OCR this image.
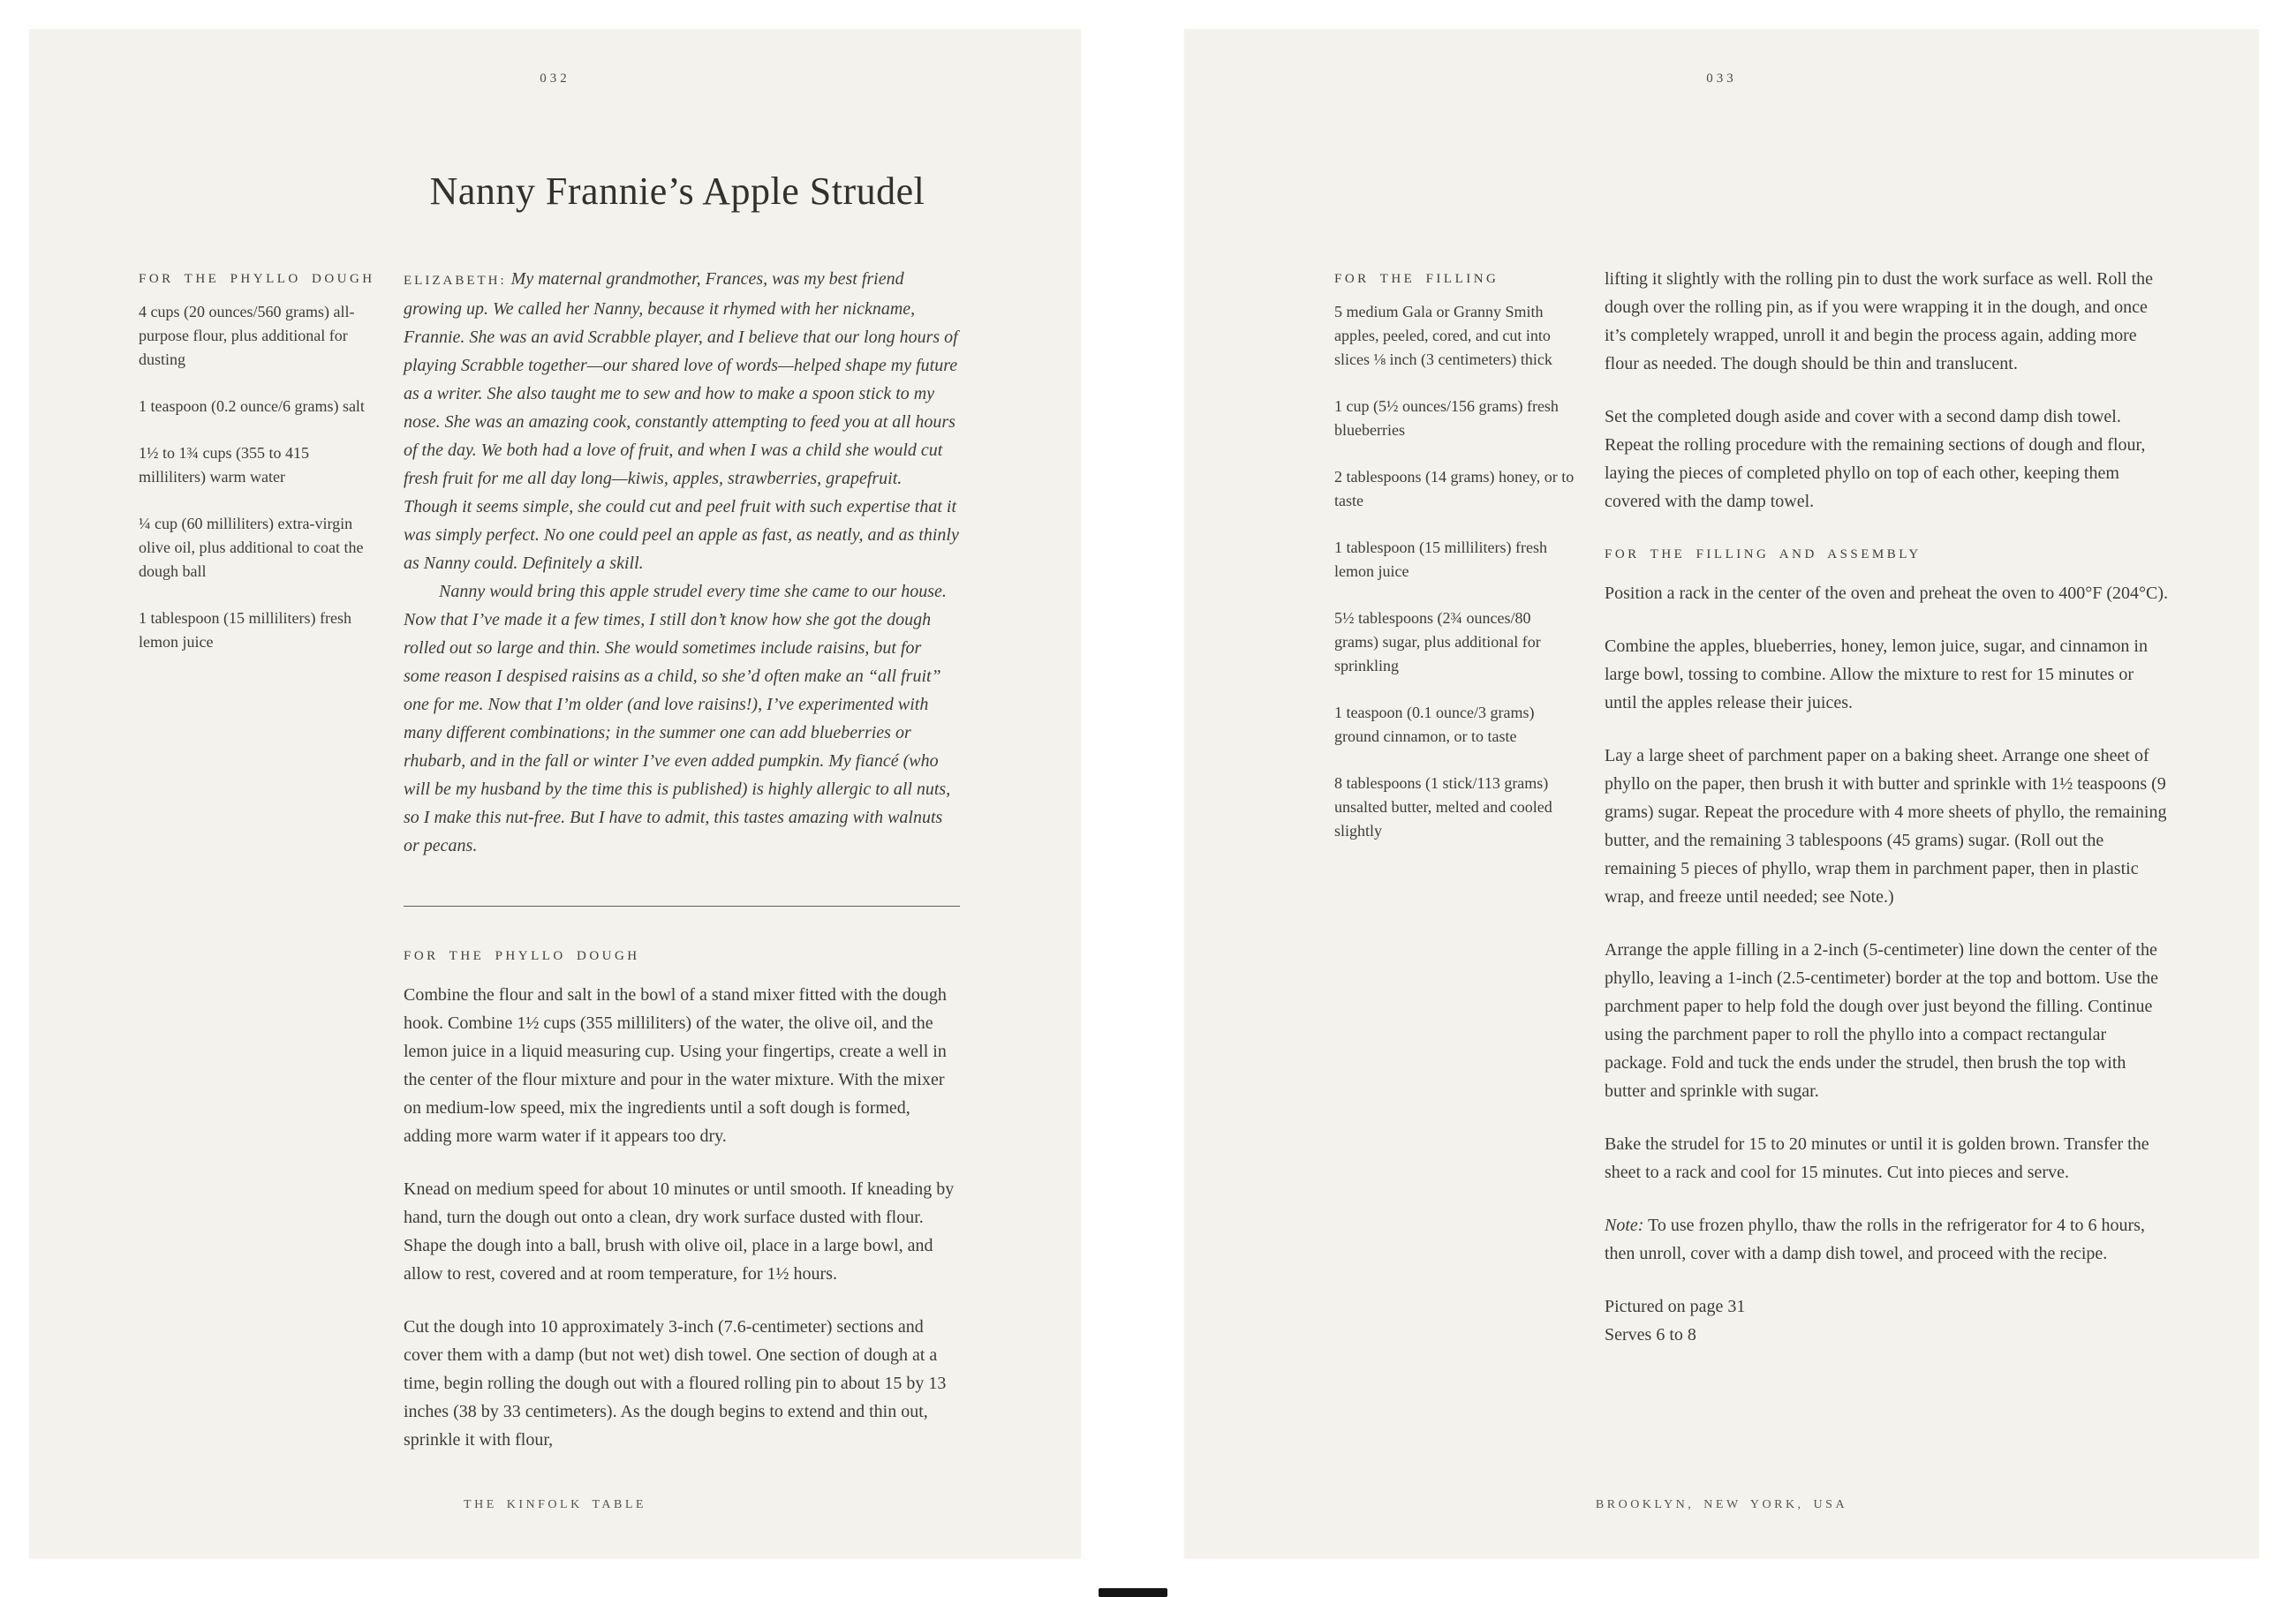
032
Nanny Frannie’s Apple Strudel
FOR THE PHYLLO DOUGH

4 cups (20 ounces/560 grams) all-purpose flour, plus additional for dusting

1 teaspoon (0.2 ounce/6 grams) salt

1½ to 1¾ cups (355 to 415 milliliters) warm water

¼ cup (60 milliliters) extra-virgin olive oil, plus additional to coat the dough ball

1 tablespoon (15 milliliters) fresh lemon juice

ELIZABETH: My maternal grandmother, Frances, was my best friend growing up. We called her Nanny, because it rhymed with her nickname, Frannie. She was an avid Scrabble player, and I believe that our long hours of playing Scrabble together—our shared love of words—helped shape my future as a writer. She also taught me to sew and how to make a spoon stick to my nose. She was an amazing cook, constantly attempting to feed you at all hours of the day. We both had a love of fruit, and when I was a child she would cut fresh fruit for me all day long—kiwis, apples, strawberries, grapefruit. Though it seems simple, she could cut and peel fruit with such expertise that it was simply perfect. No one could peel an apple as fast, as neatly, and as thinly as Nanny could. Definitely a skill.

Nanny would bring this apple strudel every time she came to our house. Now that I’ve made it a few times, I still don’t know how she got the dough rolled out so large and thin. She would sometimes include raisins, but for some reason I despised raisins as a child, so she’d often make an “all fruit” one for me. Now that I’m older (and love raisins!), I’ve experimented with many different combinations; in the summer one can add blueberries or rhubarb, and in the fall or winter I’ve even added pumpkin. My fiancé (who will be my husband by the time this is published) is highly allergic to all nuts, so I make this nut-free. But I have to admit, this tastes amazing with walnuts or pecans.

FOR THE PHYLLO DOUGH

Combine the flour and salt in the bowl of a stand mixer fitted with the dough hook. Combine 1½ cups (355 milliliters) of the water, the olive oil, and the lemon juice in a liquid measuring cup. Using your fingertips, create a well in the center of the flour mixture and pour in the water mixture. With the mixer on medium-low speed, mix the ingredients until a soft dough is formed, adding more warm water if it appears too dry.

Knead on medium speed for about 10 minutes or until smooth. If kneading by hand, turn the dough out onto a clean, dry work surface dusted with flour. Shape the dough into a ball, brush with olive oil, place in a large bowl, and allow to rest, covered and at room temperature, for 1½ hours.

Cut the dough into 10 approximately 3-inch (7.6-centimeter) sections and cover them with a damp (but not wet) dish towel. One section of dough at a time, begin rolling the dough out with a floured rolling pin to about 15 by 13 inches (38 by 33 centimeters). As the dough begins to extend and thin out, sprinkle it with flour,

THE KINFOLK TABLE
033
FOR THE FILLING

5 medium Gala or Granny Smith apples, peeled, cored, and cut into slices ⅛ inch (3 centimeters) thick

1 cup (5½ ounces/156 grams) fresh blueberries

2 tablespoons (14 grams) honey, or to taste

1 tablespoon (15 milliliters) fresh lemon juice

5½ tablespoons (2¾ ounces/80 grams) sugar, plus additional for sprinkling

1 teaspoon (0.1 ounce/3 grams) ground cinnamon, or to taste

8 tablespoons (1 stick/113 grams) unsalted butter, melted and cooled slightly

lifting it slightly with the rolling pin to dust the work surface as well. Roll the dough over the rolling pin, as if you were wrapping it in the dough, and once it’s completely wrapped, unroll it and begin the process again, adding more flour as needed. The dough should be thin and translucent.

Set the completed dough aside and cover with a second damp dish towel. Repeat the rolling procedure with the remaining sections of dough and flour, laying the pieces of completed phyllo on top of each other, keeping them covered with the damp towel.

FOR THE FILLING AND ASSEMBLY

Position a rack in the center of the oven and preheat the oven to 400°F (204°C).

Combine the apples, blueberries, honey, lemon juice, sugar, and cinnamon in large bowl, tossing to combine. Allow the mixture to rest for 15 minutes or until the apples release their juices.

Lay a large sheet of parchment paper on a baking sheet. Arrange one sheet of phyllo on the paper, then brush it with butter and sprinkle with 1½ teaspoons (9 grams) sugar. Repeat the procedure with 4 more sheets of phyllo, the remaining butter, and the remaining 3 tablespoons (45 grams) sugar. (Roll out the remaining 5 pieces of phyllo, wrap them in parchment paper, then in plastic wrap, and freeze until needed; see Note.)

Arrange the apple filling in a 2-inch (5-centimeter) line down the center of the phyllo, leaving a 1-inch (2.5-centimeter) border at the top and bottom. Use the parchment paper to help fold the dough over just beyond the filling. Continue using the parchment paper to roll the phyllo into a compact rectangular package. Fold and tuck the ends under the strudel, then brush the top with butter and sprinkle with sugar.

Bake the strudel for 15 to 20 minutes or until it is golden brown. Transfer the sheet to a rack and cool for 15 minutes. Cut into pieces and serve.

Note: To use frozen phyllo, thaw the rolls in the refrigerator for 4 to 6 hours, then unroll, cover with a damp dish towel, and proceed with the recipe.

Pictured on page 31
Serves 6 to 8

BROOKLYN, NEW YORK, USA
